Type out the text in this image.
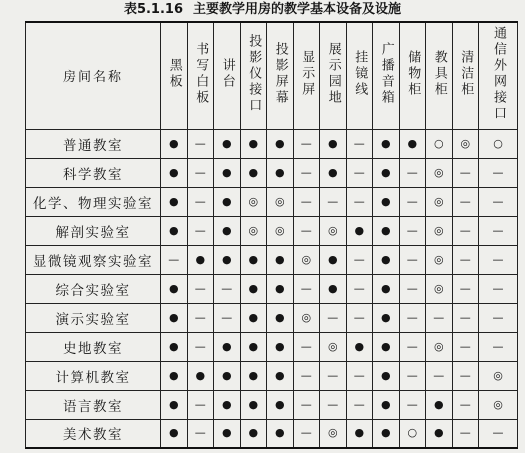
表5.1.16 主要教学用房的教学基本设备及设施
房间名称	黑板	书写白板	讲台	投影仪接口	投影屏幕	显示屏	展示园地	挂镜线	广播音箱	储物柜	教具柜	清洁柜	通信外网接口
普通教室	●	—	●	●	●	—	●	—	●	●	○	◎	○
科学教室	●	—	●	●	●	—	●	—	●	—	◎	—	—
化学、物理实验室	●	—	●	◎	◎	—	—	—	●	—	◎	—	—
解剖实验室	●	—	●	◎	◎	—	◎	●	●	—	◎	—	—
显微镜观察实验室	—	●	●	●	●	◎	●	—	●	—	◎	—	—
综合实验室	●	—	—	●	●	—	●	—	●	—	◎	—	—
演示实验室	●	—	—	●	●	◎	—	—	●	—	—	—	—
史地教室	●	—	●	●	●	—	◎	●	●	—	◎	—	—
计算机教室	●	●	●	●	●	—	—	—	●	—	—	—	◎
语言教室	●	—	●	●	●	—	—	—	●	—	●	—	◎
美术教室	●	—	●	●	●	—	◎	●	●	○	●	—	—
